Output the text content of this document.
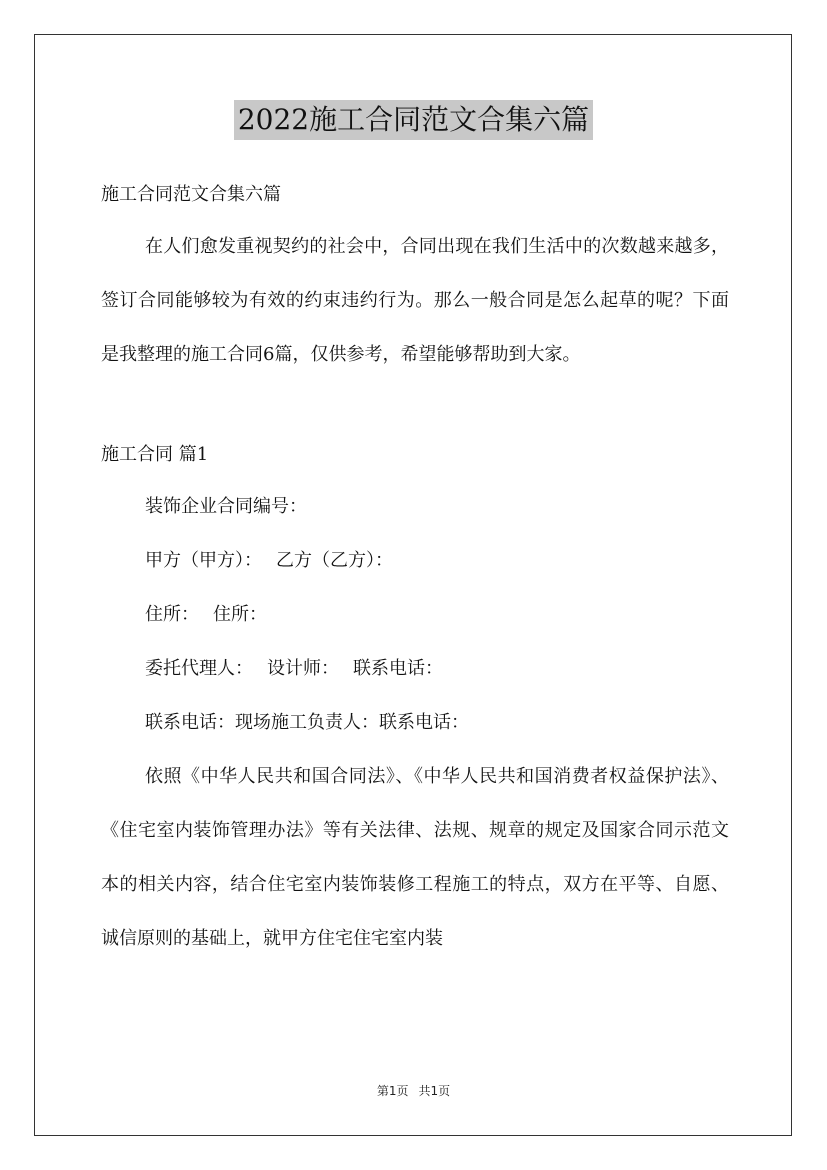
2022施工合同范文合集六篇

施工合同范文合集六篇

在人们愈发重视契约的社会中，合同出现在我们生活中的次数越来越多，签订合同能够较为有效的约束违约行为。那么一般合同是怎么起草的呢？下面是我整理的施工合同6篇，仅供参考，希望能够帮助到大家。

施工合同 篇1

装饰企业合同编号：

甲方（甲方）： 乙方（乙方）：

住所： 住所：

委托代理人： 设计师： 联系电话：

联系电话：现场施工负责人：联系电话：

依照《中华人民共和国合同法》、《中华人民共和国消费者权益保护法》、《住宅室内装饰管理办法》等有关法律、法规、规章的规定及国家合同示范文本的相关内容，结合住宅室内装饰装修工程施工的特点，双方在平等、自愿、诚信原则的基础上，就甲方住宅住宅室内装

第1页 共1页
